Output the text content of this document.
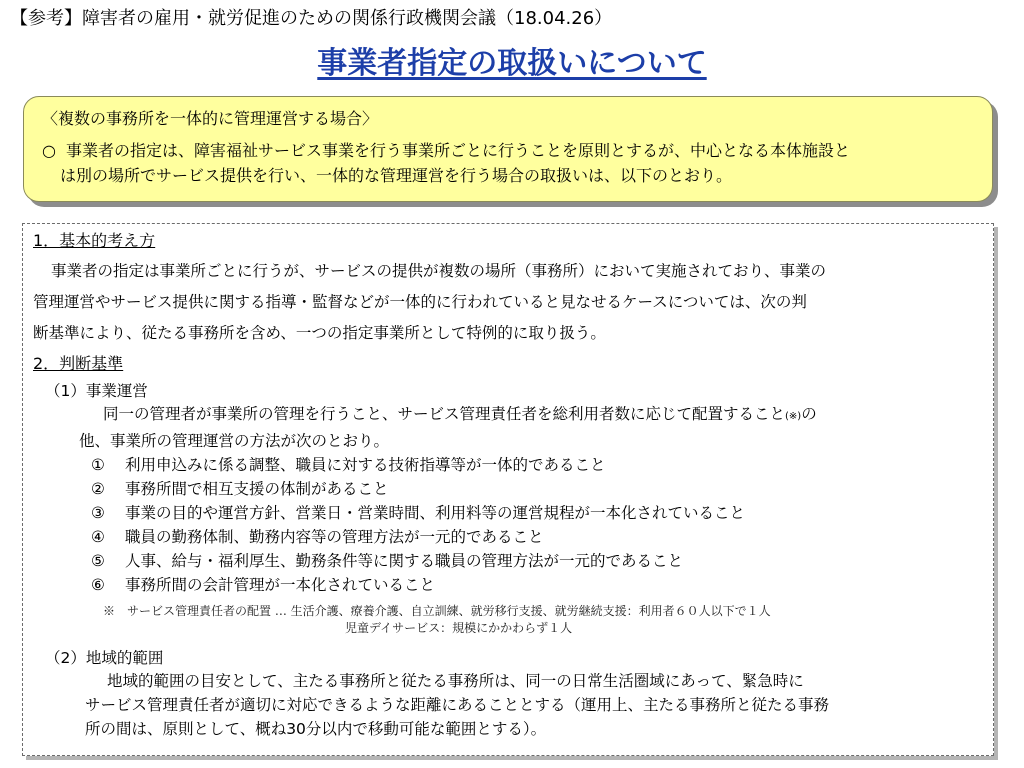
【参考】障害者の雇用・就労促進のための関係行政機関会議（18.04.26）
事業者指定の取扱いについて
〈複数の事務所を一体的に管理運営する場合〉
○ 事業者の指定は、障害福祉サービス事業を行う事業所ごとに行うことを原則とするが、中心となる本体施設と
は別の場所でサービス提供を行い、一体的な管理運営を行う場合の取扱いは、以下のとおり。
1．基本的考え方
事業者の指定は事業所ごとに行うが、サービスの提供が複数の場所（事務所）において実施されており、事業の
管理運営やサービス提供に関する指導・監督などが一体的に行われていると見なせるケースについては、次の判
断基準により、従たる事務所を含め、一つの指定事業所として特例的に取り扱う。
2．判断基準
（1）事業運営
同一の管理者が事業所の管理を行うこと、サービス管理責任者を総利用者数に応じて配置すること(※)の
他、事業所の管理運営の方法が次のとおり。
① 利用申込みに係る調整、職員に対する技術指導等が一体的であること
② 事務所間で相互支援の体制があること
③ 事業の目的や運営方針、営業日・営業時間、利用料等の運営規程が一本化されていること
④ 職員の勤務体制、勤務内容等の管理方法が一元的であること
⑤ 人事、給与・福利厚生、勤務条件等に関する職員の管理方法が一元的であること
⑥ 事務所間の会計管理が一本化されていること
※　サービス管理責任者の配置 … 生活介護、療養介護、自立訓練、就労移行支援、就労継続支援：利用者６０人以下で１人
児童デイサービス：規模にかかわらず１人
（2）地域的範囲
地域的範囲の目安として、主たる事務所と従たる事務所は、同一の日常生活圏域にあって、緊急時に
サービス管理責任者が適切に対応できるような距離にあることとする（運用上、主たる事務所と従たる事務
所の間は、原則として、概ね30分以内で移動可能な範囲とする）。
